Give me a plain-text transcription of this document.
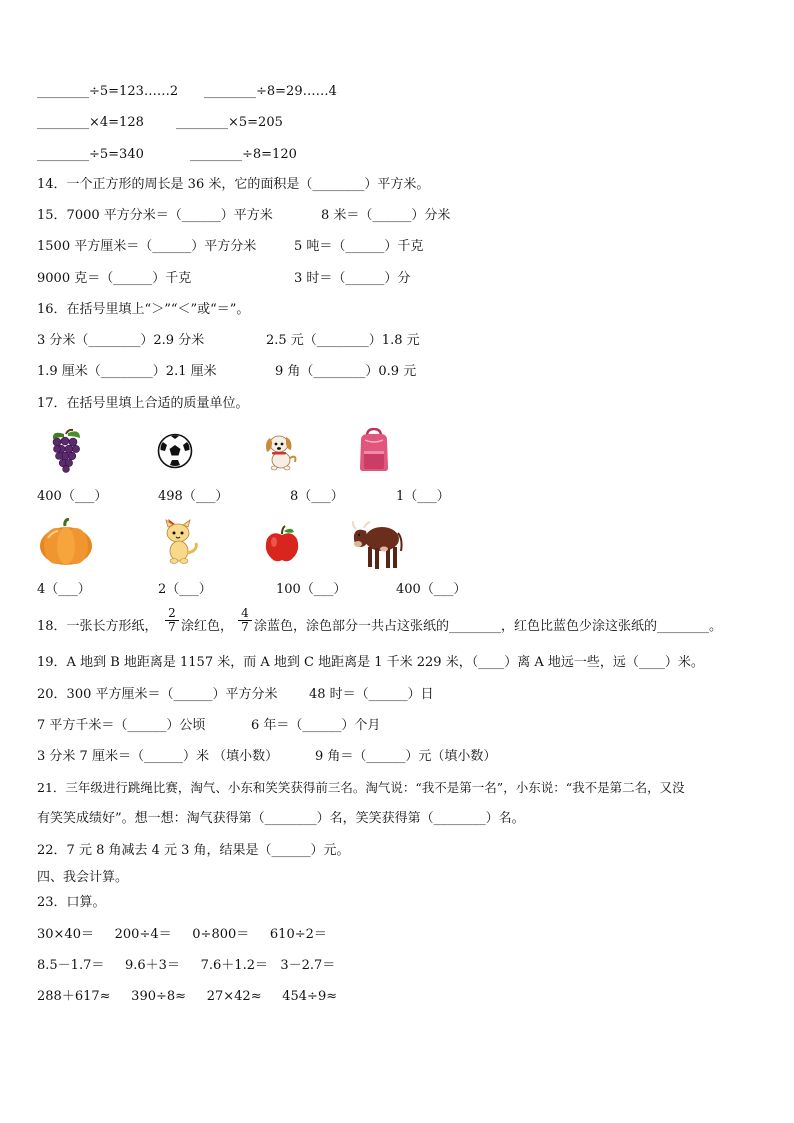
________÷5=123……2 ________÷8=29……4
________×4=128 ________×5=205
________÷5=340	________÷8=120
14．一个正方形的周长是 36 米，它的面积是（________）平方米。
15．7000 平方分米＝（______）平方米	8 米＝（______）分米
1500 平方厘米＝（______）平方分米	5 吨＝（______）千克
9000 克＝（______）千克	3 时＝（______）分
16．在括号里填上“＞”“＜”或“＝”。
3 分米（________）2.9 分米	2.5 元（________）1.8 元
1.9 厘米（________）2.1 厘米	9 角（________）0.9 元
17．在括号里填上合适的质量单位。
400（___）	498（___）	8（___）	1（___）
4（___）	2（___）	100（___）	400（___）
18．一张长方形纸， $\frac{2}{7}$ 涂红色， $\frac{4}{7}$ 涂蓝色，涂色部分一共占这张纸的________，红色比蓝色少涂这张纸的________。
19．A 地到 B 地距离是 1157 米，而 A 地到 C 地距离是 1 千米 229 米，（____）离 A 地远一些，远（____）米。
20．300 平方厘米＝（______）平方分米 48 时＝（______）日
7 平方千米＝（______）公顷	6 年＝（______）个月
3 分米 7 厘米＝（______）米 （填小数）	9 角＝（______）元（填小数）
21．三年级进行跳绳比赛，淘气、小东和笑笑获得前三名。淘气说：“我不是第一名”，小东说：“我不是第二名，又没
有笑笑成绩好”。想一想：淘气获得第（________）名，笑笑获得第（________）名。
22．7 元 8 角减去 4 元 3 角，结果是（______）元。
四、我会计算。
23．口算。
30×40＝     200÷4＝     0÷800＝     610÷2＝
8.5－1.7＝     9.6＋3＝     7.6＋1.2＝   3－2.7＝
288＋617≈     390÷8≈     27×42≈     454÷9≈
